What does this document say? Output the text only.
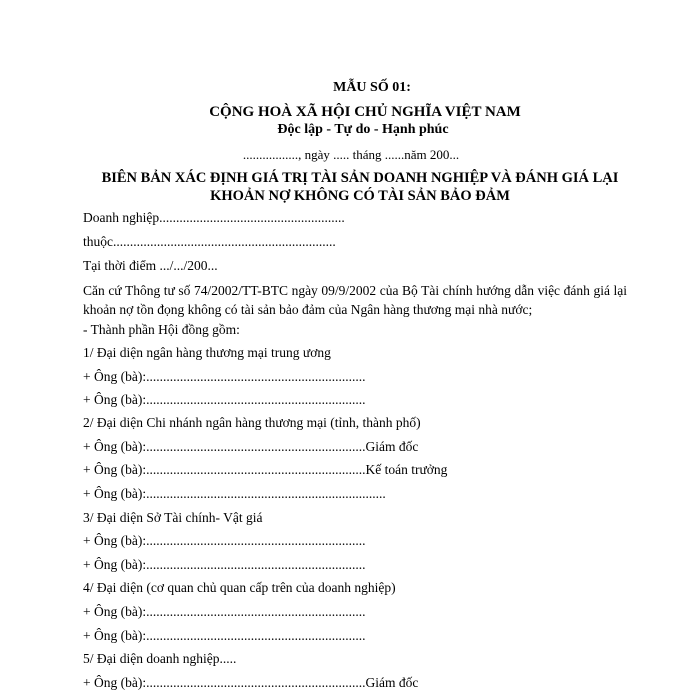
MẪU SỐ 01:
CỘNG HOÀ XÃ HỘI CHỦ NGHĨA VIỆT NAM
Độc lập - Tự do - Hạnh phúc
................., ngày ..... tháng ......năm 200...
BIÊN BẢN XÁC ĐỊNH GIÁ TRỊ TÀI SẢN DOANH NGHIỆP VÀ ĐÁNH GIÁ LẠI
KHOẢN NỢ KHÔNG CÓ TÀI SẢN BẢO ĐẢM
Doanh nghiệp.......................................................
thuộc..................................................................
Tại thời điểm .../.../200...
Căn cứ Thông tư số 74/2002/TT-BTC ngày 09/9/2002 của Bộ Tài chính hướng dẫn việc đánh giá lại khoản nợ tồn đọng không có tài sản bảo đảm của Ngân hàng thương mại nhà nước;
- Thành phần Hội đồng gồm:
1/ Đại diện ngân hàng thương mại trung ương
+ Ông (bà):.................................................................
+ Ông (bà):.................................................................
2/ Đại diện Chi nhánh ngân hàng thương mại (tỉnh, thành phố)
+ Ông (bà):.................................................................Giám đốc
+ Ông (bà):.................................................................Kế toán trưởng
+ Ông (bà):.......................................................................
3/ Đại diện Sở Tài chính- Vật giá
+ Ông (bà):.................................................................
+ Ông (bà):.................................................................
4/ Đại diện (cơ quan chủ quan cấp trên của doanh nghiệp)
+ Ông (bà):.................................................................
+ Ông (bà):.................................................................
5/ Đại diện doanh nghiệp.....
+ Ông (bà):.................................................................Giám đốc
